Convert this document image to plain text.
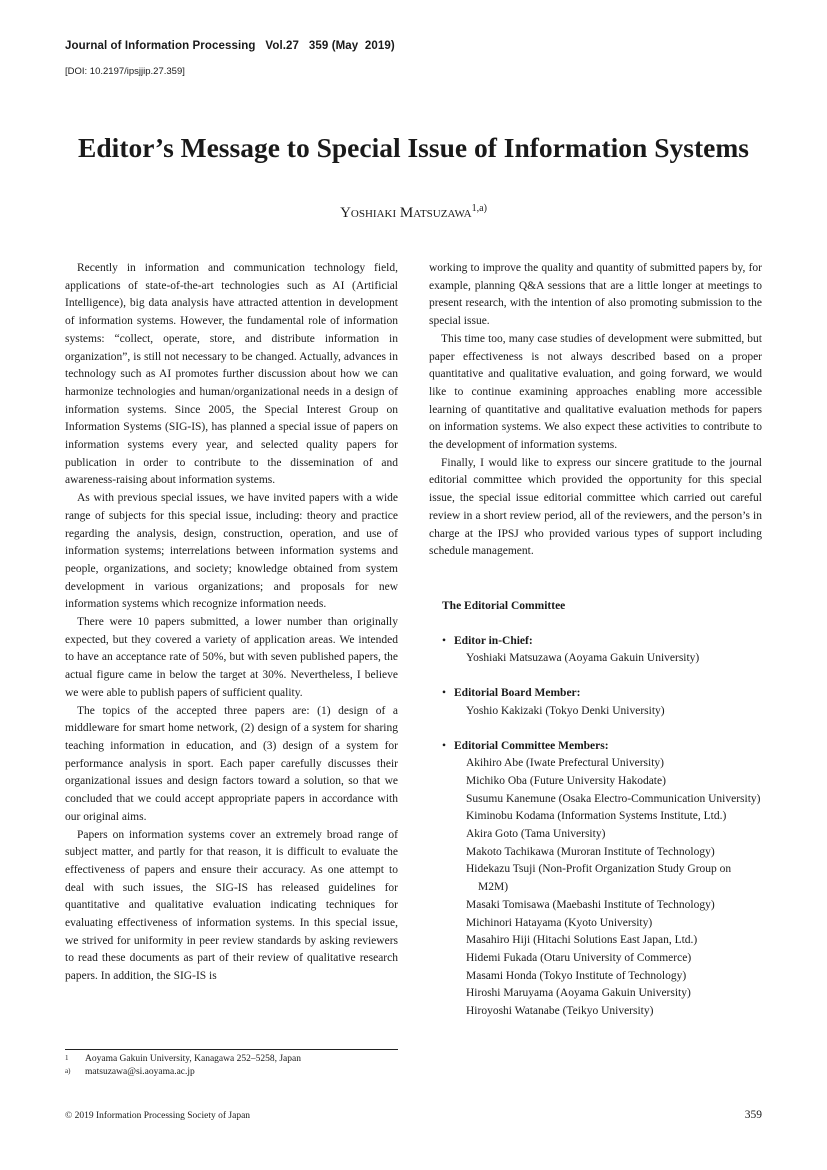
Journal of Information Processing   Vol.27   359 (May  2019)
[DOI: 10.2197/ipsjjip.27.359]
Editor’s Message to Special Issue of Information Systems
Yoshiaki Matsuzawa$^{1,a)}$

Recently in information and communication technology field, applications of state-of-the-art technologies such as AI (Artificial Intelligence), big data analysis have attracted attention in development of information systems. However, the fundamental role of information systems: “collect, operate, store, and distribute information in organization”, is still not necessary to be changed. Actually, advances in technology such as AI promotes further discussion about how we can harmonize technologies and human/organizational needs in a design of information systems. Since 2005, the Special Interest Group on Information Systems (SIG-IS), has planned a special issue of papers on information systems every year, and selected quality papers for publication in order to contribute to the dissemination of and awareness-raising about information systems.

As with previous special issues, we have invited papers with a wide range of subjects for this special issue, including: theory and practice regarding the analysis, design, construction, operation, and use of information systems; interrelations between information systems and people, organizations, and society; knowledge obtained from system development in various organizations; and proposals for new information systems which recognize information needs.

There were 10 papers submitted, a lower number than originally expected, but they covered a variety of application areas. We intended to have an acceptance rate of 50%, but with seven published papers, the actual figure came in below the target at 30%. Nevertheless, I believe we were able to publish papers of sufficient quality.

The topics of the accepted three papers are: (1) design of a middleware for smart home network, (2) design of a system for sharing teaching information in education, and (3) design of a system for performance analysis in sport. Each paper carefully discusses their organizational issues and design factors toward a solution, so that we concluded that we could accept appropriate papers in accordance with our original aims.

Papers on information systems cover an extremely broad range of subject matter, and partly for that reason, it is difficult to evaluate the effectiveness of papers and ensure their accuracy. As one attempt to deal with such issues, the SIG-IS has released guidelines for quantitative and qualitative evaluation indicating techniques for evaluating effectiveness of information systems. In this special issue, we strived for uniformity in peer review standards by asking reviewers to read these documents as part of their review of qualitative research papers. In addition, the SIG-IS is

working to improve the quality and quantity of submitted papers by, for example, planning Q&A sessions that are a little longer at meetings to present research, with the intention of also promoting submission to the special issue.

This time too, many case studies of development were submitted, but paper effectiveness is not always described based on a proper quantitative and qualitative evaluation, and going forward, we would like to continue examining approaches enabling more accessible learning of quantitative and qualitative evaluation methods for papers on information systems. We also expect these activities to contribute to the development of information systems.

Finally, I would like to express our sincere gratitude to the journal editorial committee which provided the opportunity for this special issue, the special issue editorial committee which carried out careful review in a short review period, all of the reviewers, and the person’s in charge at the IPSJ who provided various types of support including schedule management.

The Editorial Committee
• Editor in-Chief:
Yoshiaki Matsuzawa (Aoyama Gakuin University)
• Editorial Board Member:
Yoshio Kakizaki (Tokyo Denki University)
• Editorial Committee Members:
Akihiro Abe (Iwate Prefectural University)
Michiko Oba (Future University Hakodate)
Susumu Kanemune (Osaka Electro-Communication University)
Kiminobu Kodama (Information Systems Institute, Ltd.)
Akira Goto (Tama University)
Makoto Tachikawa (Muroran Institute of Technology)
Hidekazu Tsuji (Non-Profit Organization Study Group on M2M)
Masaki Tomisawa (Maebashi Institute of Technology)
Michinori Hatayama (Kyoto University)
Masahiro Hiji (Hitachi Solutions East Japan, Ltd.)
Hidemi Fukada (Otaru University of Commerce)
Masami Honda (Tokyo Institute of Technology)
Hiroshi Maruyama (Aoyama Gakuin University)
Hiroyoshi Watanabe (Teikyo University)
1 Aoyama Gakuin University, Kanagawa 252–5258, Japan
a) matsuzawa@si.aoyama.ac.jp
© 2019 Information Processing Society of Japan	359
